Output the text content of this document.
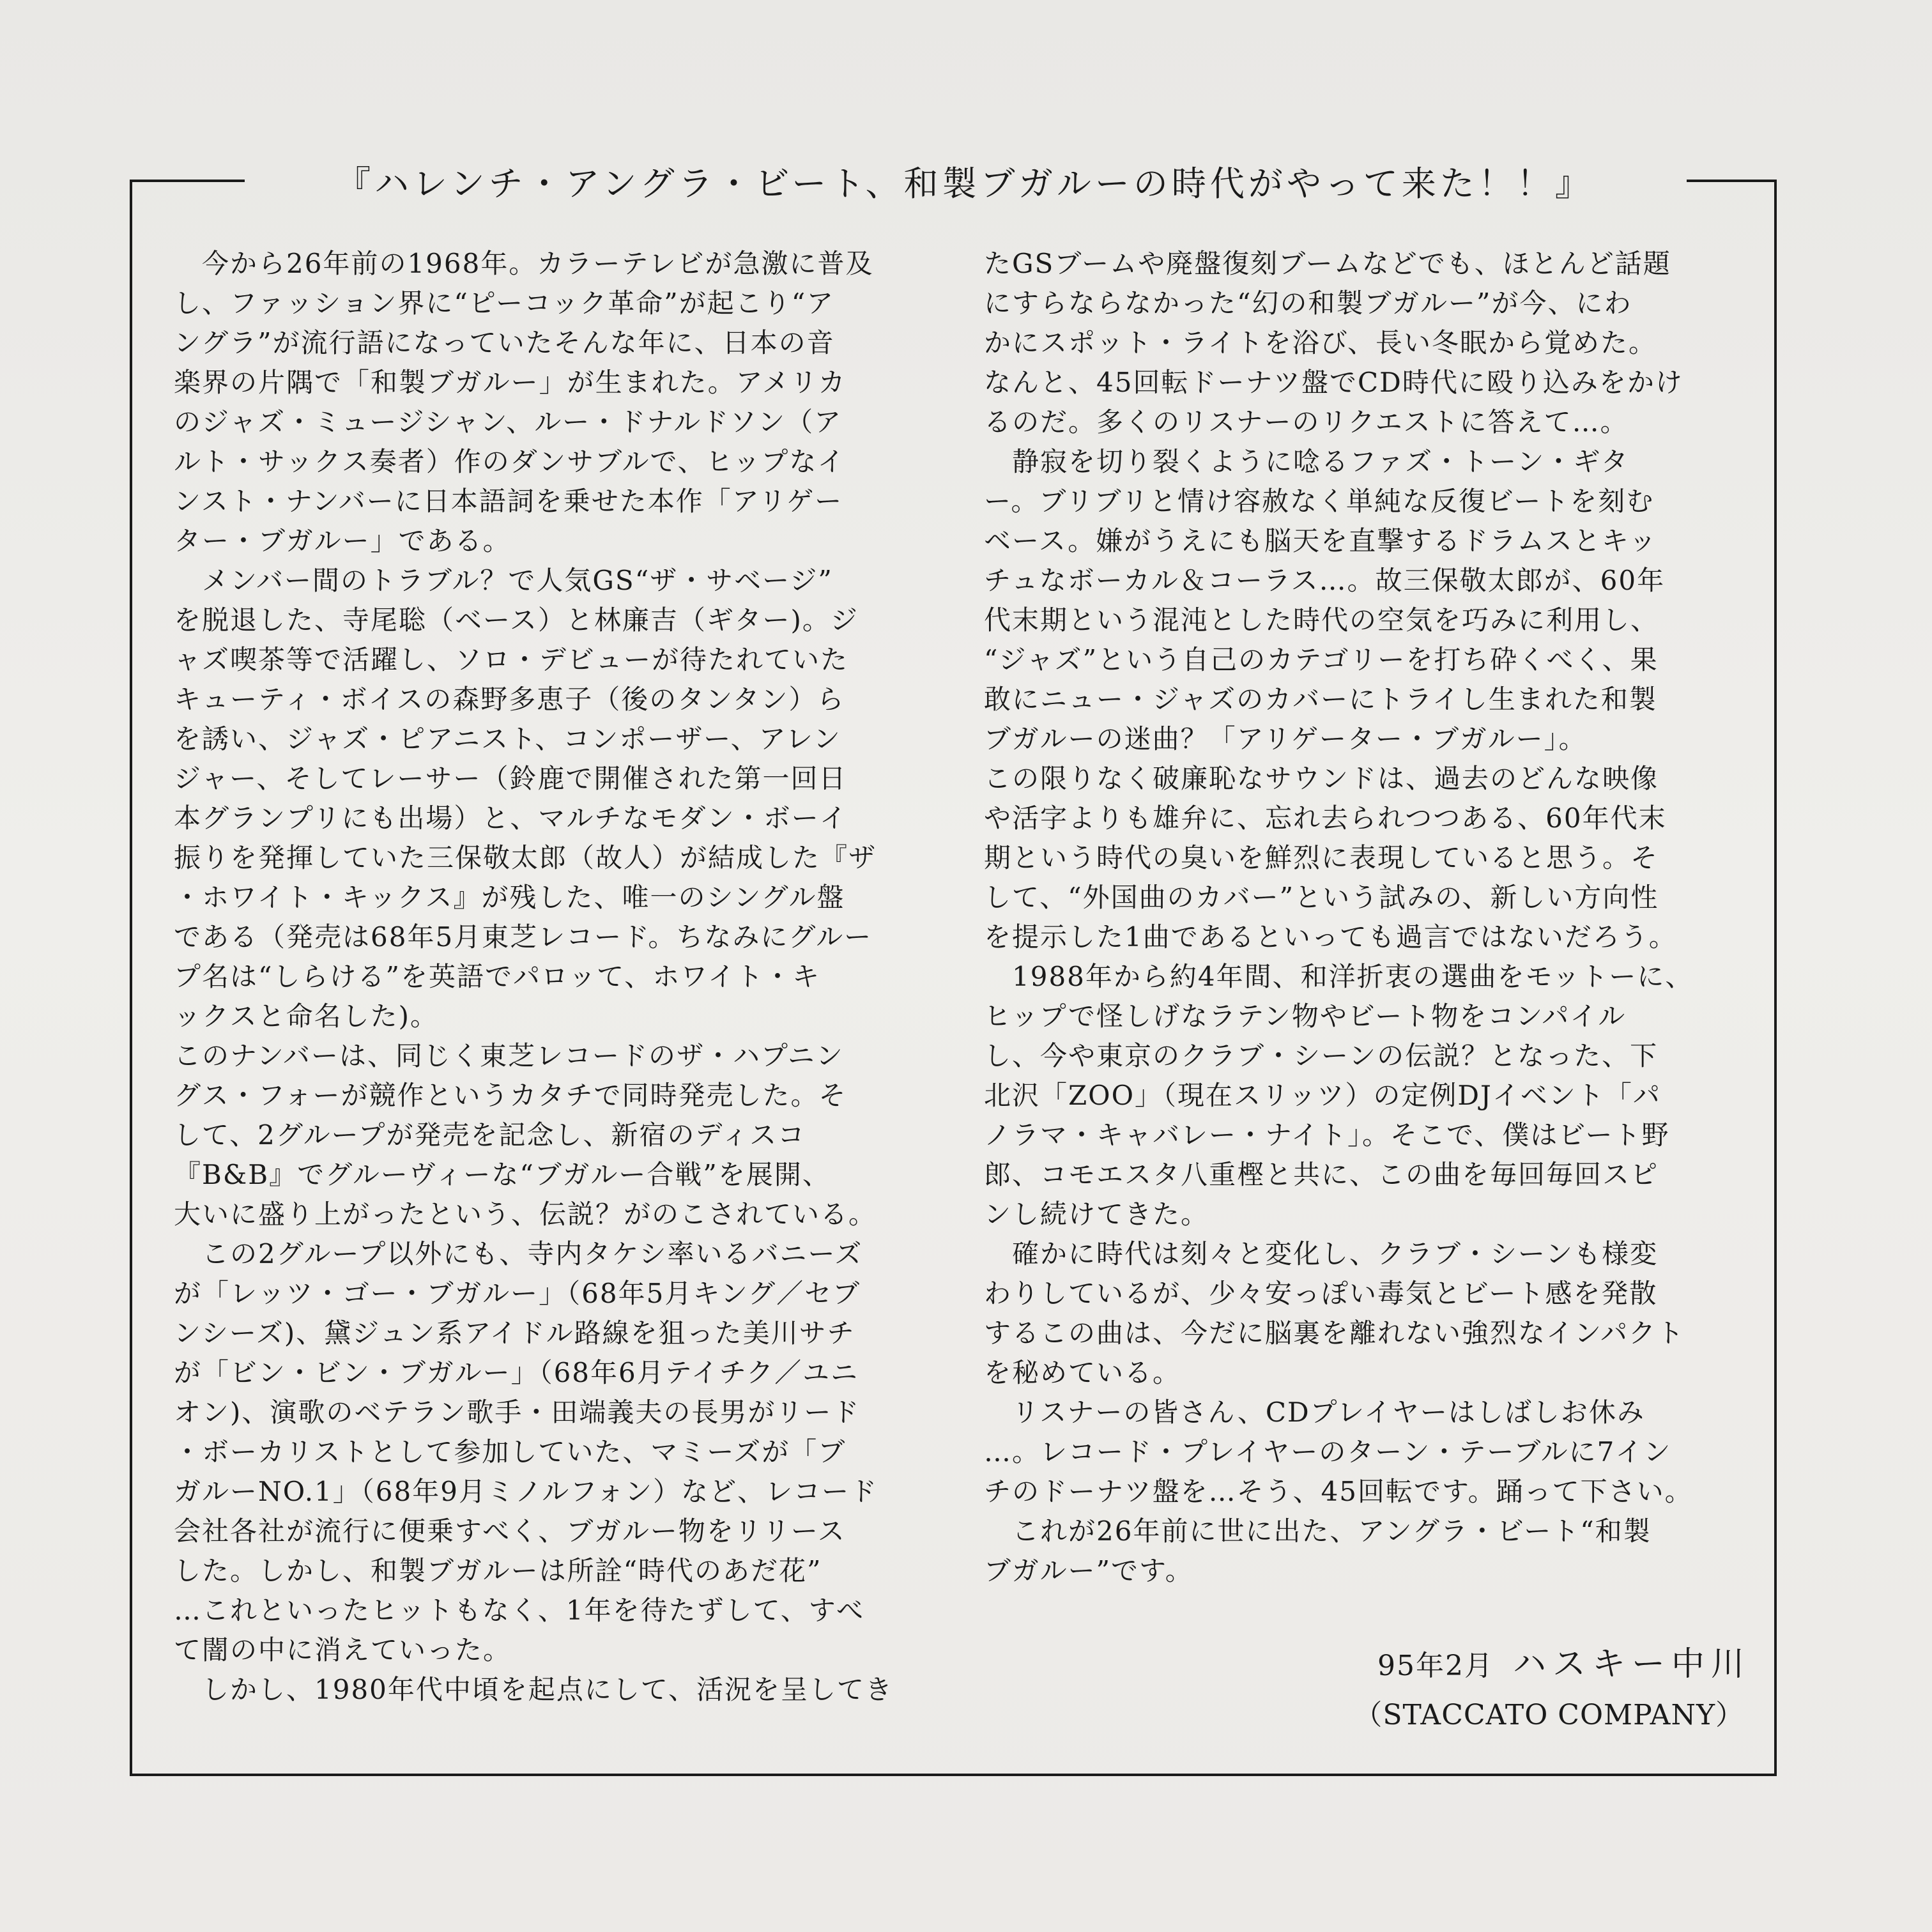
『ハレンチ・アングラ・ビート、和製ブガルーの時代がやって来た！！』
　今から26年前の1968年。カラーテレビが急激に普及
し、ファッション界に“ピーコック革命”が起こり“ア
ングラ”が流行語になっていたそんな年に、日本の音
楽界の片隅で「和製ブガルー」が生まれた。アメリカ
のジャズ・ミュージシャン、ルー・ドナルドソン（ア
ルト・サックス奏者）作のダンサブルで、ヒップなイ
ンスト・ナンバーに日本語詞を乗せた本作「アリゲー
ター・ブガルー」である。
　メンバー間のトラブル？で人気GS“ザ・サベージ”
を脱退した、寺尾聡（ベース）と林廉吉（ギター)。ジ
ャズ喫茶等で活躍し、ソロ・デビューが待たれていた
キューティ・ボイスの森野多恵子（後のタンタン）ら
を誘い、ジャズ・ピアニスト、コンポーザー、アレン
ジャー、そしてレーサー（鈴鹿で開催された第一回日
本グランプリにも出場）と、マルチなモダン・ボーイ
振りを発揮していた三保敬太郎（故人）が結成した『ザ
・ホワイト・キックス』が残した、唯一のシングル盤
である（発売は68年5月東芝レコード。ちなみにグルー
プ名は“しらける”を英語でパロッて、ホワイト・キ
ックスと命名した)。
このナンバーは、同じく東芝レコードのザ・ハプニン
グス・フォーが競作というカタチで同時発売した。そ
して、2グループが発売を記念し、新宿のディスコ
『B&B』でグルーヴィーな“ブガルー合戦”を展開、
大いに盛り上がったという、伝説？がのこされている。
　この2グループ以外にも、寺内タケシ率いるバニーズ
が「レッツ・ゴー・ブガルー」（68年5月キング／セブ
ンシーズ)、黛ジュン系アイドル路線を狙った美川サチ
が「ビン・ビン・ブガルー」（68年6月テイチク／ユニ
オン)、演歌のベテラン歌手・田端義夫の長男がリード
・ボーカリストとして参加していた、マミーズが「ブ
ガルーNO.1」（68年9月ミノルフォン）など、レコード
会社各社が流行に便乗すべく、ブガルー物をリリース
した。しかし、和製ブガルーは所詮“時代のあだ花”
…これといったヒットもなく、1年を待たずして、すべ
て闇の中に消えていった。
　しかし、1980年代中頃を起点にして、活況を呈してき
たGSブームや廃盤復刻ブームなどでも、ほとんど話題
にすらならなかった“幻の和製ブガルー”が今、にわ
かにスポット・ライトを浴び、長い冬眠から覚めた。
なんと、45回転ドーナツ盤でCD時代に殴り込みをかけ
るのだ。多くのリスナーのリクエストに答えて…。
　静寂を切り裂くように唸るファズ・トーン・ギタ
ー。ブリブリと情け容赦なく単純な反復ビートを刻む
ベース。嫌がうえにも脳天を直撃するドラムスとキッ
チュなボーカル＆コーラス…。故三保敬太郎が、60年
代末期という混沌とした時代の空気を巧みに利用し、
“ジャズ”という自己のカテゴリーを打ち砕くべく、果
敢にニュー・ジャズのカバーにトライし生まれた和製
ブガルーの迷曲？「アリゲーター・ブガルー」。
この限りなく破廉恥なサウンドは、過去のどんな映像
や活字よりも雄弁に、忘れ去られつつある、60年代末
期という時代の臭いを鮮烈に表現していると思う。そ
して、“外国曲のカバー”という試みの、新しい方向性
を提示した1曲であるといっても過言ではないだろう。
　1988年から約4年間、和洋折衷の選曲をモットーに、
ヒップで怪しげなラテン物やビート物をコンパイル
し、今や東京のクラブ・シーンの伝説？となった、下
北沢「ZOO」（現在スリッツ）の定例DJイベント「パ
ノラマ・キャバレー・ナイト」。そこで、僕はビート野
郎、コモエスタ八重樫と共に、この曲を毎回毎回スピ
ンし続けてきた。
　確かに時代は刻々と変化し、クラブ・シーンも様変
わりしているが、少々安っぽい毒気とビート感を発散
するこの曲は、今だに脳裏を離れない強烈なインパクト
を秘めている。
　リスナーの皆さん、CDプレイヤーはしばしお休み
…。レコード・プレイヤーのターン・テーブルに7イン
チのドーナツ盤を…そう、45回転です。踊って下さい。
　これが26年前に世に出た、アングラ・ビート“和製
ブガルー”です。
95年2月 ハスキー中川
（STACCATO COMPANY）
